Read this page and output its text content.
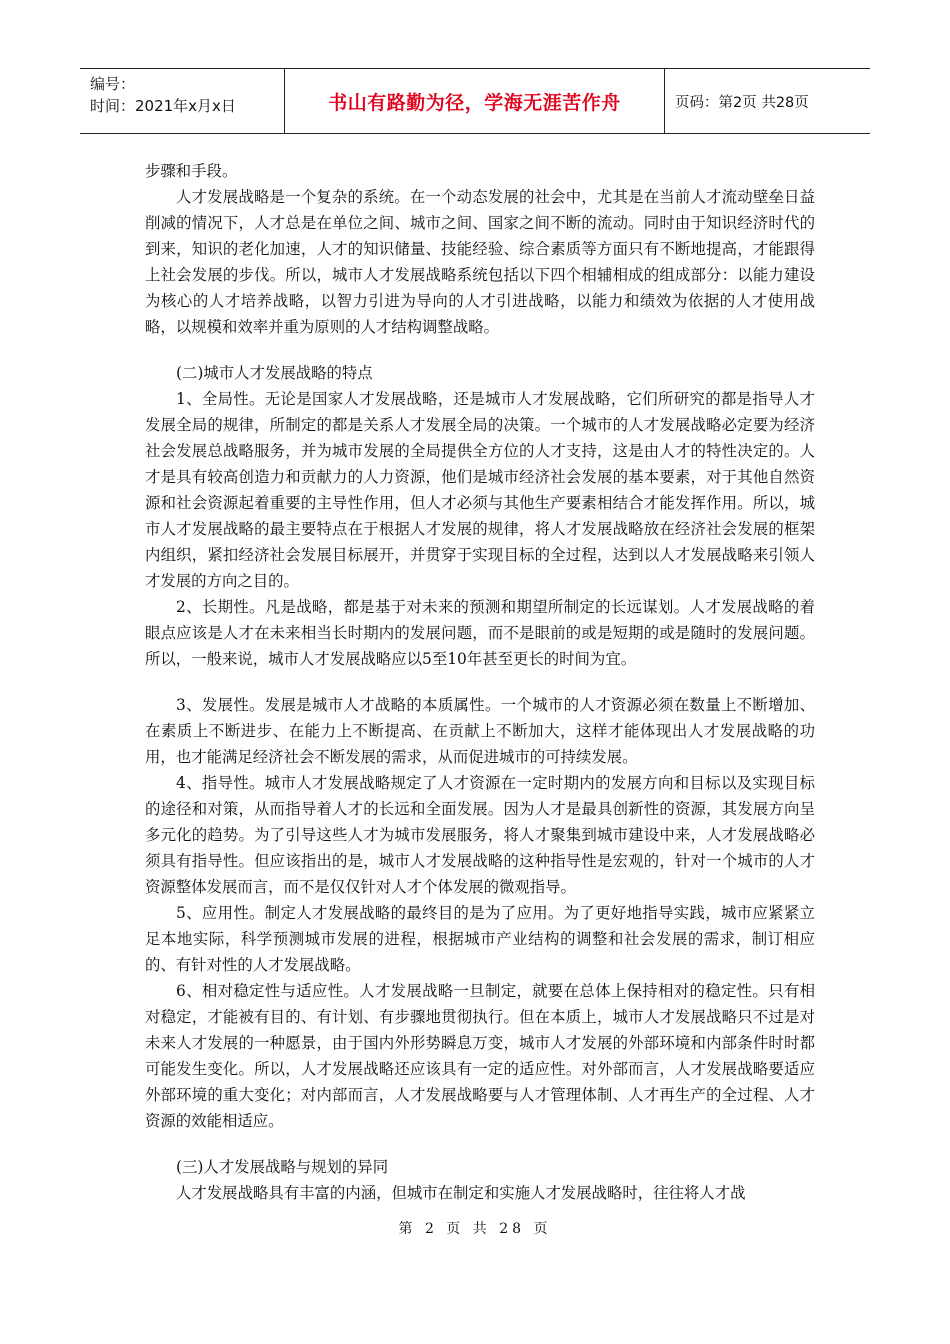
编号：
时间：2021年x月x日	书山有路勤为径，学海无涯苦作舟	页码：第2页 共28页

步骤和手段。

人才发展战略是一个复杂的系统。在一个动态发展的社会中，尤其是在当前人才流动壁垒日益削减的情况下，人才总是在单位之间、城市之间、国家之间不断的流动。同时由于知识经济时代的到来，知识的老化加速，人才的知识储量、技能经验、综合素质等方面只有不断地提高，才能跟得上社会发展的步伐。所以，城市人才发展战略系统包括以下四个相辅相成的组成部分：以能力建设为核心的人才培养战略，以智力引进为导向的人才引进战略，以能力和绩效为依据的人才使用战略，以规模和效率并重为原则的人才结构调整战略。

(二)城市人才发展战略的特点

1、全局性。无论是国家人才发展战略，还是城市人才发展战略，它们所研究的都是指导人才发展全局的规律，所制定的都是关系人才发展全局的决策。一个城市的人才发展战略必定要为经济社会发展总战略服务，并为城市发展的全局提供全方位的人才支持，这是由人才的特性决定的。人才是具有较高创造力和贡献力的人力资源，他们是城市经济社会发展的基本要素，对于其他自然资源和社会资源起着重要的主导性作用，但人才必须与其他生产要素相结合才能发挥作用。所以，城市人才发展战略的最主要特点在于根据人才发展的规律，将人才发展战略放在经济社会发展的框架内组织，紧扣经济社会发展目标展开，并贯穿于实现目标的全过程，达到以人才发展战略来引领人才发展的方向之目的。

2、长期性。凡是战略，都是基于对未来的预测和期望所制定的长远谋划。人才发展战略的着眼点应该是人才在未来相当长时期内的发展问题，而不是眼前的或是短期的或是随时的发展问题。所以，一般来说，城市人才发展战略应以5至10年甚至更长的时间为宜。

3、发展性。发展是城市人才战略的本质属性。一个城市的人才资源必须在数量上不断增加、在素质上不断进步、在能力上不断提高、在贡献上不断加大，这样才能体现出人才发展战略的功用，也才能满足经济社会不断发展的需求，从而促进城市的可持续发展。

4、指导性。城市人才发展战略规定了人才资源在一定时期内的发展方向和目标以及实现目标的途径和对策，从而指导着人才的长远和全面发展。因为人才是最具创新性的资源，其发展方向呈多元化的趋势。为了引导这些人才为城市发展服务，将人才聚集到城市建设中来，人才发展战略必须具有指导性。但应该指出的是，城市人才发展战略的这种指导性是宏观的，针对一个城市的人才资源整体发展而言，而不是仅仅针对人才个体发展的微观指导。

5、应用性。制定人才发展战略的最终目的是为了应用。为了更好地指导实践，城市应紧紧立足本地实际，科学预测城市发展的进程，根据城市产业结构的调整和社会发展的需求，制订相应的、有针对性的人才发展战略。

6、相对稳定性与适应性。人才发展战略一旦制定，就要在总体上保持相对的稳定性。只有相对稳定，才能被有目的、有计划、有步骤地贯彻执行。但在本质上，城市人才发展战略只不过是对未来人才发展的一种愿景，由于国内外形势瞬息万变，城市人才发展的外部环境和内部条件时时都可能发生变化。所以，人才发展战略还应该具有一定的适应性。对外部而言，人才发展战略要适应外部环境的重大变化；对内部而言，人才发展战略要与人才管理体制、人才再生产的全过程、人才资源的效能相适应。

(三)人才发展战略与规划的异同

人才发展战略具有丰富的内涵，但城市在制定和实施人才发展战略时，往往将人才战

第 2 页 共 28 页
